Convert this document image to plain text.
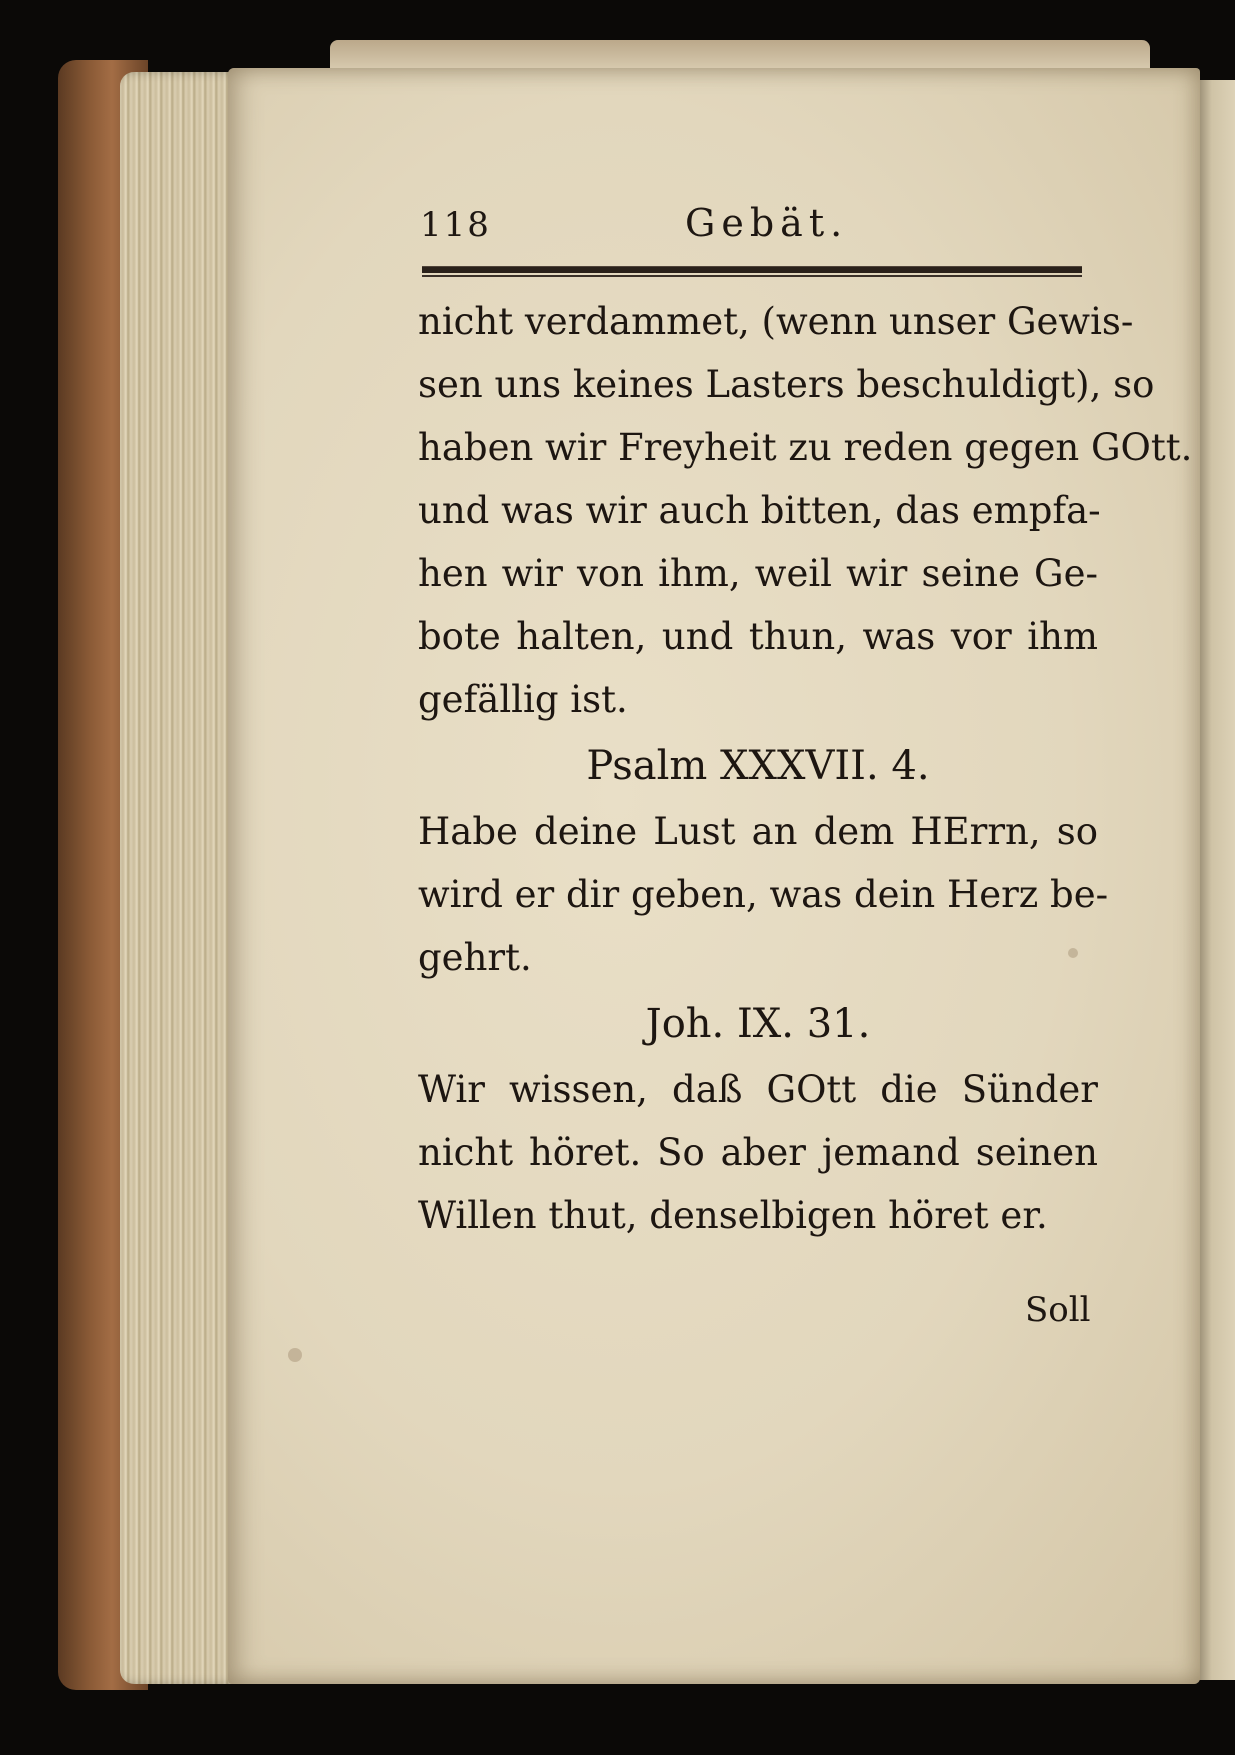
118	Gebät.
nicht verdammet, (wenn unser Gewis-
sen uns keines Lasters beschuldigt), so
haben wir Freyheit zu reden gegen GOtt.
und was wir auch bitten, das empfa-
hen wir von ihm, weil wir seine Ge-
bote halten, und thun, was vor ihm
gefällig ist.
Psalm XXXVII. 4.
Habe deine Lust an dem HErrn, so
wird er dir geben, was dein Herz be-
gehrt.
Joh. IX. 31.
Wir wissen, daß GOtt die Sünder
nicht höret. So aber jemand seinen
Willen thut, denselbigen höret er.
Soll
